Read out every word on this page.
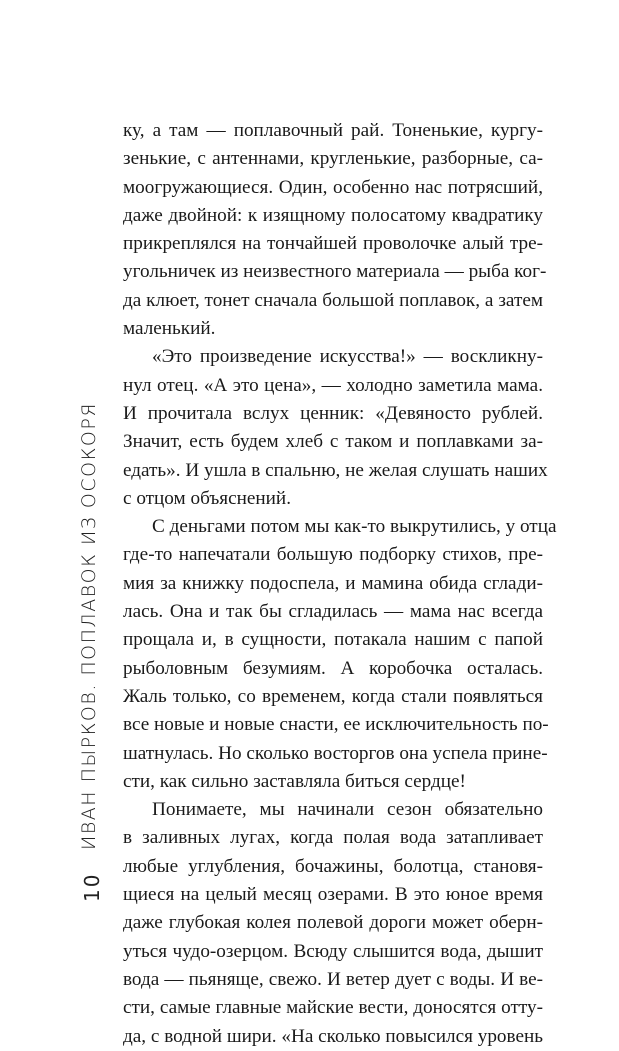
ИВАН ПЫРКОВ. ПОПЛАВОК ИЗ ОСОКОРЯ
10
ку, а там — поплавочный рай. Тоненькие, кургу-
зенькие, с антеннами, кругленькие, разборные, са-
моогружающиеся. Один, особенно нас потрясший,
даже двойной: к изящному полосатому квадратику
прикреплялся на тончайшей проволочке алый тре-
угольничек из неизвестного материала — рыба ког-
да клюет, тонет сначала большой поплавок, а затем
маленький.
«Это произведение искусства!» — воскликну-
нул отец. «А это цена», — холодно заметила мама.
И прочитала вслух ценник: «Девяносто рублей.
Значит, есть будем хлеб с таком и поплавками за-
едать». И ушла в спальню, не желая слушать наших
с отцом объяснений.
С деньгами потом мы как-то выкрутились, у отца
где-то напечатали большую подборку стихов, пре-
мия за книжку подоспела, и мамина обида сглади-
лась. Она и так бы сгладилась — мама нас всегда
прощала и, в сущности, потакала нашим с папой
рыболовным безумиям. А коробочка осталась.
Жаль только, со временем, когда стали появляться
все новые и новые снасти, ее исключительность по-
шатнулась. Но сколько восторгов она успела прине-
сти, как сильно заставляла биться сердце!
Понимаете, мы начинали сезон обязательно
в заливных лугах, когда полая вода затапливает
любые углубления, бочажины, болотца, становя-
щиеся на целый месяц озерами. В это юное время
даже глубокая колея полевой дороги может оберн-
уться чудо-озерцом. Всюду слышится вода, дышит
вода — пьянящe, свежо. И ветер дует с воды. И ве-
сти, самые главные майские вести, доносятся отту-
да, с водной шири. «На сколько повысился уровень
